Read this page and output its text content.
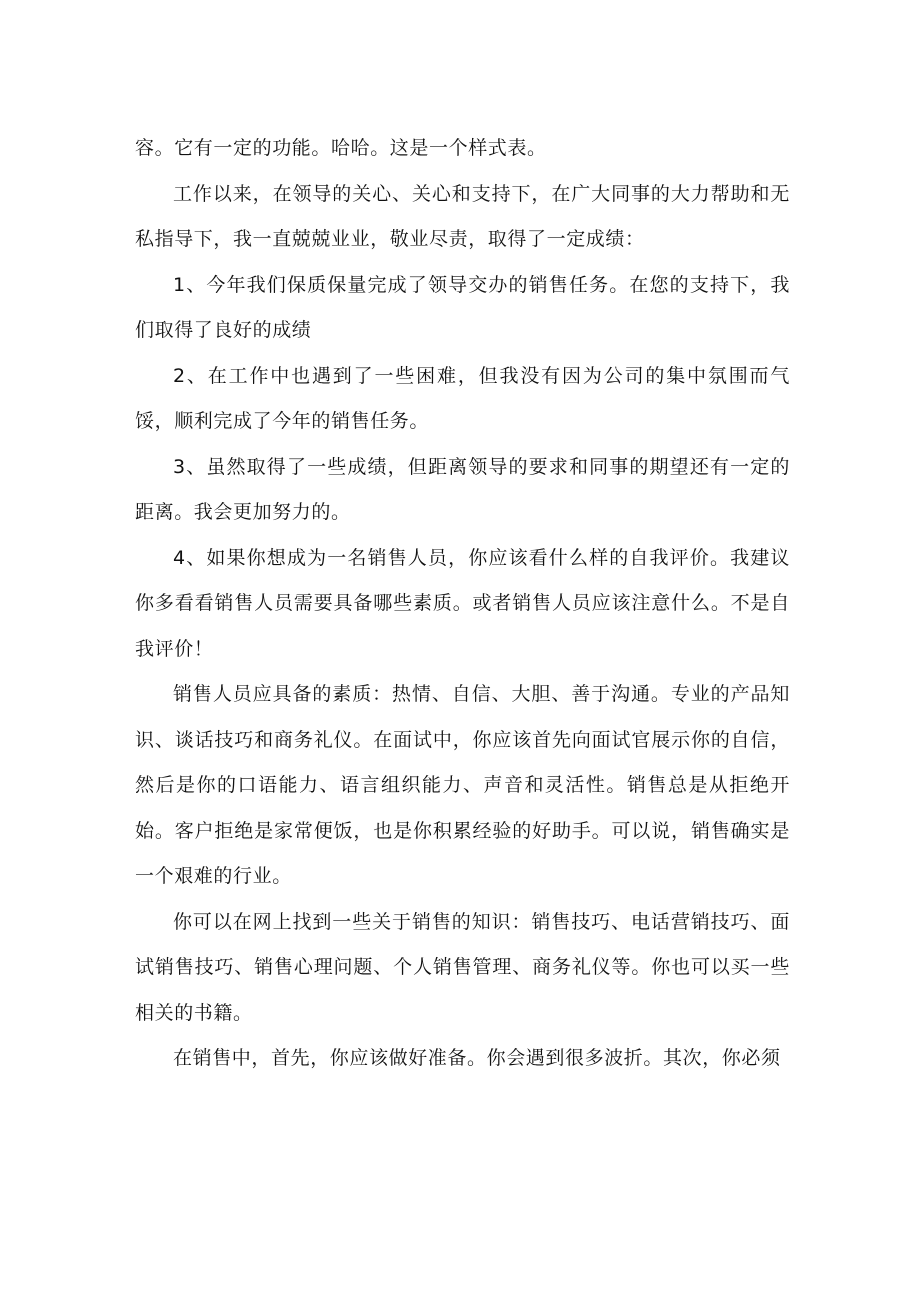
容。它有一定的功能。哈哈。这是一个样式表。

工作以来，在领导的关心、关心和支持下，在广大同事的大力帮助和无私指导下，我一直兢兢业业，敬业尽责，取得了一定成绩：

1、今年我们保质保量完成了领导交办的销售任务。在您的支持下，我们取得了良好的成绩

2、在工作中也遇到了一些困难，但我没有因为公司的集中氛围而气馁，顺利完成了今年的销售任务。

3、虽然取得了一些成绩，但距离领导的要求和同事的期望还有一定的距离。我会更加努力的。

4、如果你想成为一名销售人员，你应该看什么样的自我评价。我建议你多看看销售人员需要具备哪些素质。或者销售人员应该注意什么。不是自我评价！

销售人员应具备的素质：热情、自信、大胆、善于沟通。专业的产品知识、谈话技巧和商务礼仪。在面试中，你应该首先向面试官展示你的自信，然后是你的口语能力、语言组织能力、声音和灵活性。销售总是从拒绝开始。客户拒绝是家常便饭，也是你积累经验的好助手。可以说，销售确实是一个艰难的行业。

你可以在网上找到一些关于销售的知识：销售技巧、电话营销技巧、面试销售技巧、销售心理问题、个人销售管理、商务礼仪等。你也可以买一些相关的书籍。

在销售中，首先，你应该做好准备。你会遇到很多波折。其次，你必须
